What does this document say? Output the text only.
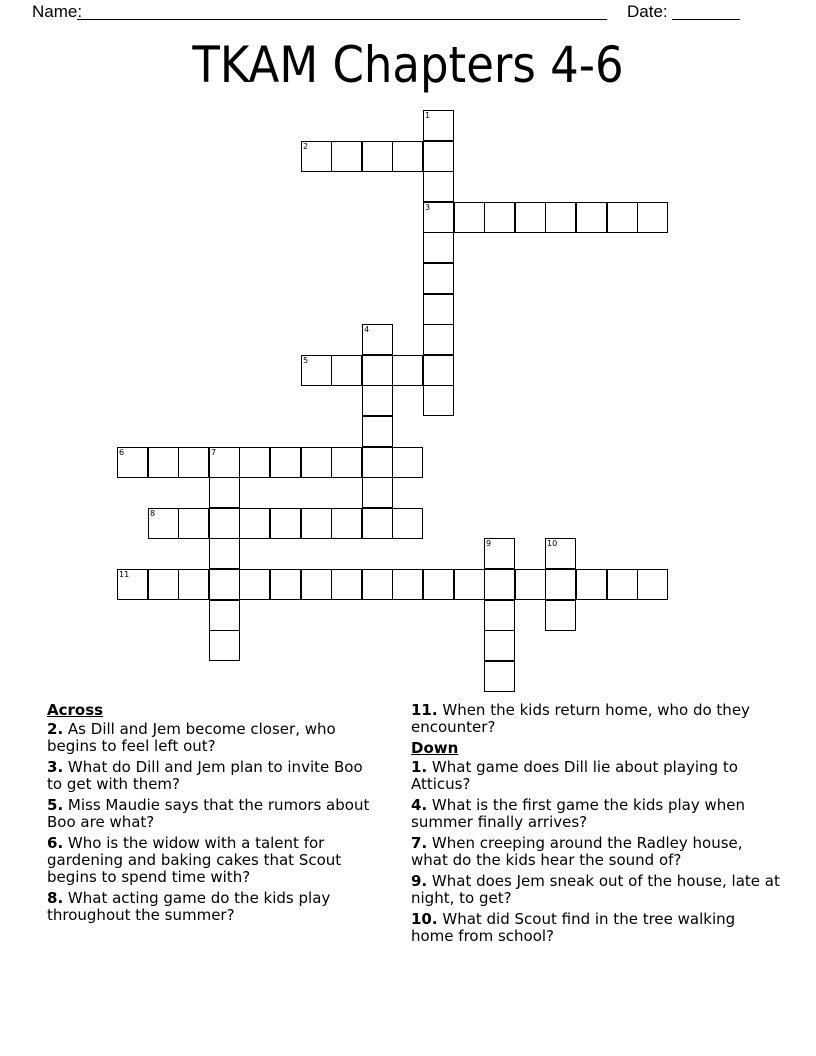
Name:	Date:
TKAM Chapters 4-6
2
3
5
6	7
8
11
1
4
9	10
Across
2. As Dill and Jem become closer, who begins to feel left out?
3. What do Dill and Jem plan to invite Boo to get with them?
5. Miss Maudie says that the rumors about Boo are what?
6. Who is the widow with a talent for gardening and baking cakes that Scout begins to spend time with?
8. What acting game do the kids play throughout the summer?
11. When the kids return home, who do they encounter?
Down
1. What game does Dill lie about playing to Atticus?
4. What is the first game the kids play when summer finally arrives?
7. When creeping around the Radley house, what do the kids hear the sound of?
9. What does Jem sneak out of the house, late at night, to get?
10. What did Scout find in the tree walking home from school?
